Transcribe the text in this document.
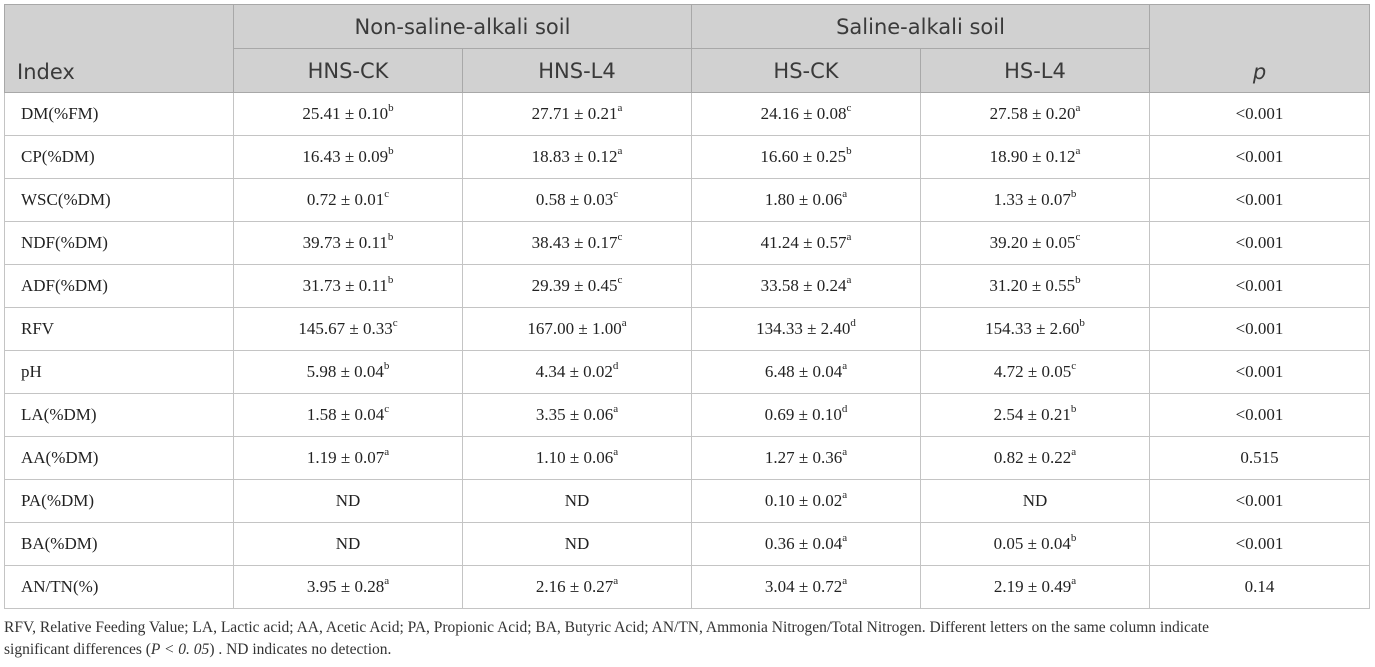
Index	Non-saline-alkali soil		Saline-alkali soil		p
	HNS-CK	HNS-L4	HS-CK	HS-L4	
DM(%FM)	25.41 ± 0.10$^b$	27.71 ± 0.21$^a$	24.16 ± 0.08$^c$	27.58 ± 0.20$^a$	<0.001
CP(%DM)	16.43 ± 0.09$^b$	18.83 ± 0.12$^a$	16.60 ± 0.25$^b$	18.90 ± 0.12$^a$	<0.001
WSC(%DM)	0.72 ± 0.01$^c$	0.58 ± 0.03$^c$	1.80 ± 0.06$^a$	1.33 ± 0.07$^b$	<0.001
NDF(%DM)	39.73 ± 0.11$^b$	38.43 ± 0.17$^c$	41.24 ± 0.57$^a$	39.20 ± 0.05$^c$	<0.001
ADF(%DM)	31.73 ± 0.11$^b$	29.39 ± 0.45$^c$	33.58 ± 0.24$^a$	31.20 ± 0.55$^b$	<0.001
RFV	145.67 ± 0.33$^c$	167.00 ± 1.00$^a$	134.33 ± 2.40$^d$	154.33 ± 2.60$^b$	<0.001
pH	5.98 ± 0.04$^b$	4.34 ± 0.02$^d$	6.48 ± 0.04$^a$	4.72 ± 0.05$^c$	<0.001
LA(%DM)	1.58 ± 0.04$^c$	3.35 ± 0.06$^a$	0.69 ± 0.10$^d$	2.54 ± 0.21$^b$	<0.001
AA(%DM)	1.19 ± 0.07$^a$	1.10 ± 0.06$^a$	1.27 ± 0.36$^a$	0.82 ± 0.22$^a$	0.515
PA(%DM)	ND	ND	0.10 ± 0.02$^a$	ND	<0.001
BA(%DM)	ND	ND	0.36 ± 0.04$^a$	0.05 ± 0.04$^b$	<0.001
AN/TN(%)	3.95 ± 0.28$^a$	2.16 ± 0.27$^a$	3.04 ± 0.72$^a$	2.19 ± 0.49$^a$	0.14
RFV, Relative Feeding Value; LA, Lactic acid; AA, Acetic Acid; PA, Propionic Acid; BA, Butyric Acid; AN/TN, Ammonia Nitrogen/Total Nitrogen. Different letters on the same column indicate
significant differences (P < 0. 05) . ND indicates no detection.
